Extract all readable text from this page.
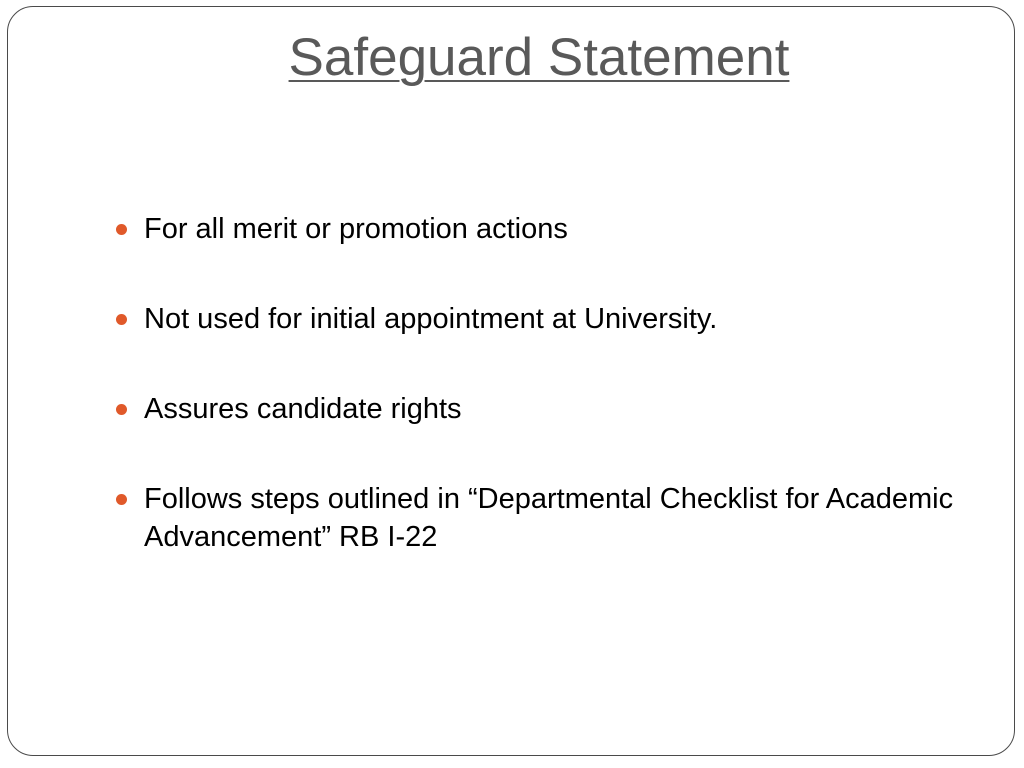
Safeguard Statement
For all merit or promotion actions
Not used for initial appointment at University.
Assures candidate rights
Follows steps outlined in “Departmental Checklist for Academic Advancement” RB I-22
